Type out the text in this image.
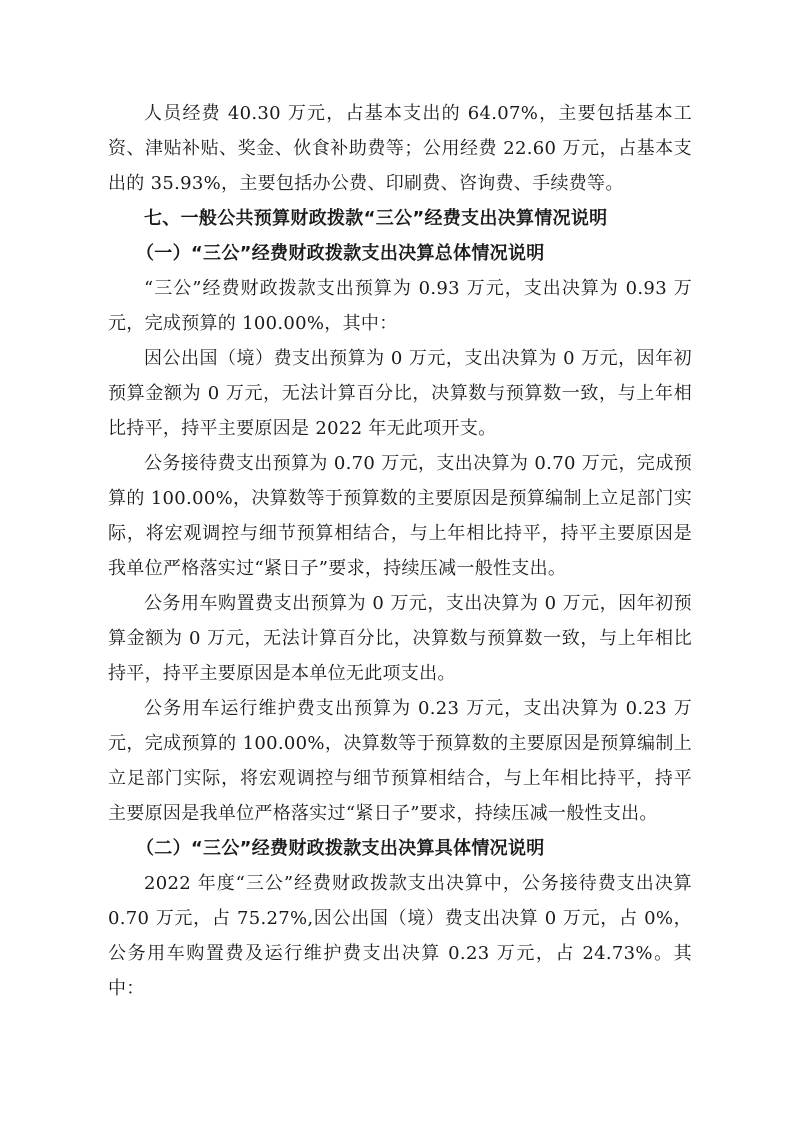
人员经费 40.30 万元，占基本支出的 64.07%，主要包括基本工资、津贴补贴、奖金、伙食补助费等；公用经费 22.60 万元，占基本支出的 35.93%，主要包括办公费、印刷费、咨询费、手续费等。

七、一般公共预算财政拨款“三公”经费支出决算情况说明
（一）“三公”经费财政拨款支出决算总体情况说明

“三公”经费财政拨款支出预算为 0.93 万元，支出决算为 0.93 万元，完成预算的 100.00%，其中：

因公出国（境）费支出预算为 0 万元，支出决算为 0 万元，因年初预算金额为 0 万元，无法计算百分比，决算数与预算数一致，与上年相比持平，持平主要原因是 2022 年无此项开支。

公务接待费支出预算为 0.70 万元，支出决算为 0.70 万元，完成预算的 100.00%，决算数等于预算数的主要原因是预算编制上立足部门实际，将宏观调控与细节预算相结合，与上年相比持平，持平主要原因是我单位严格落实过“紧日子”要求，持续压减一般性支出。

公务用车购置费支出预算为 0 万元，支出决算为 0 万元，因年初预算金额为 0 万元，无法计算百分比，决算数与预算数一致，与上年相比持平，持平主要原因是本单位无此项支出。

公务用车运行维护费支出预算为 0.23 万元，支出决算为 0.23 万元，完成预算的 100.00%，决算数等于预算数的主要原因是预算编制上立足部门实际，将宏观调控与细节预算相结合，与上年相比持平，持平主要原因是我单位严格落实过“紧日子”要求，持续压减一般性支出。

（二）“三公”经费财政拨款支出决算具体情况说明

2022 年度“三公”经费财政拨款支出决算中，公务接待费支出决算 0.70 万元，占 75.27%,因公出国（境）费支出决算 0 万元，占 0%，公务用车购置费及运行维护费支出决算 0.23 万元，占 24.73%。其中：
